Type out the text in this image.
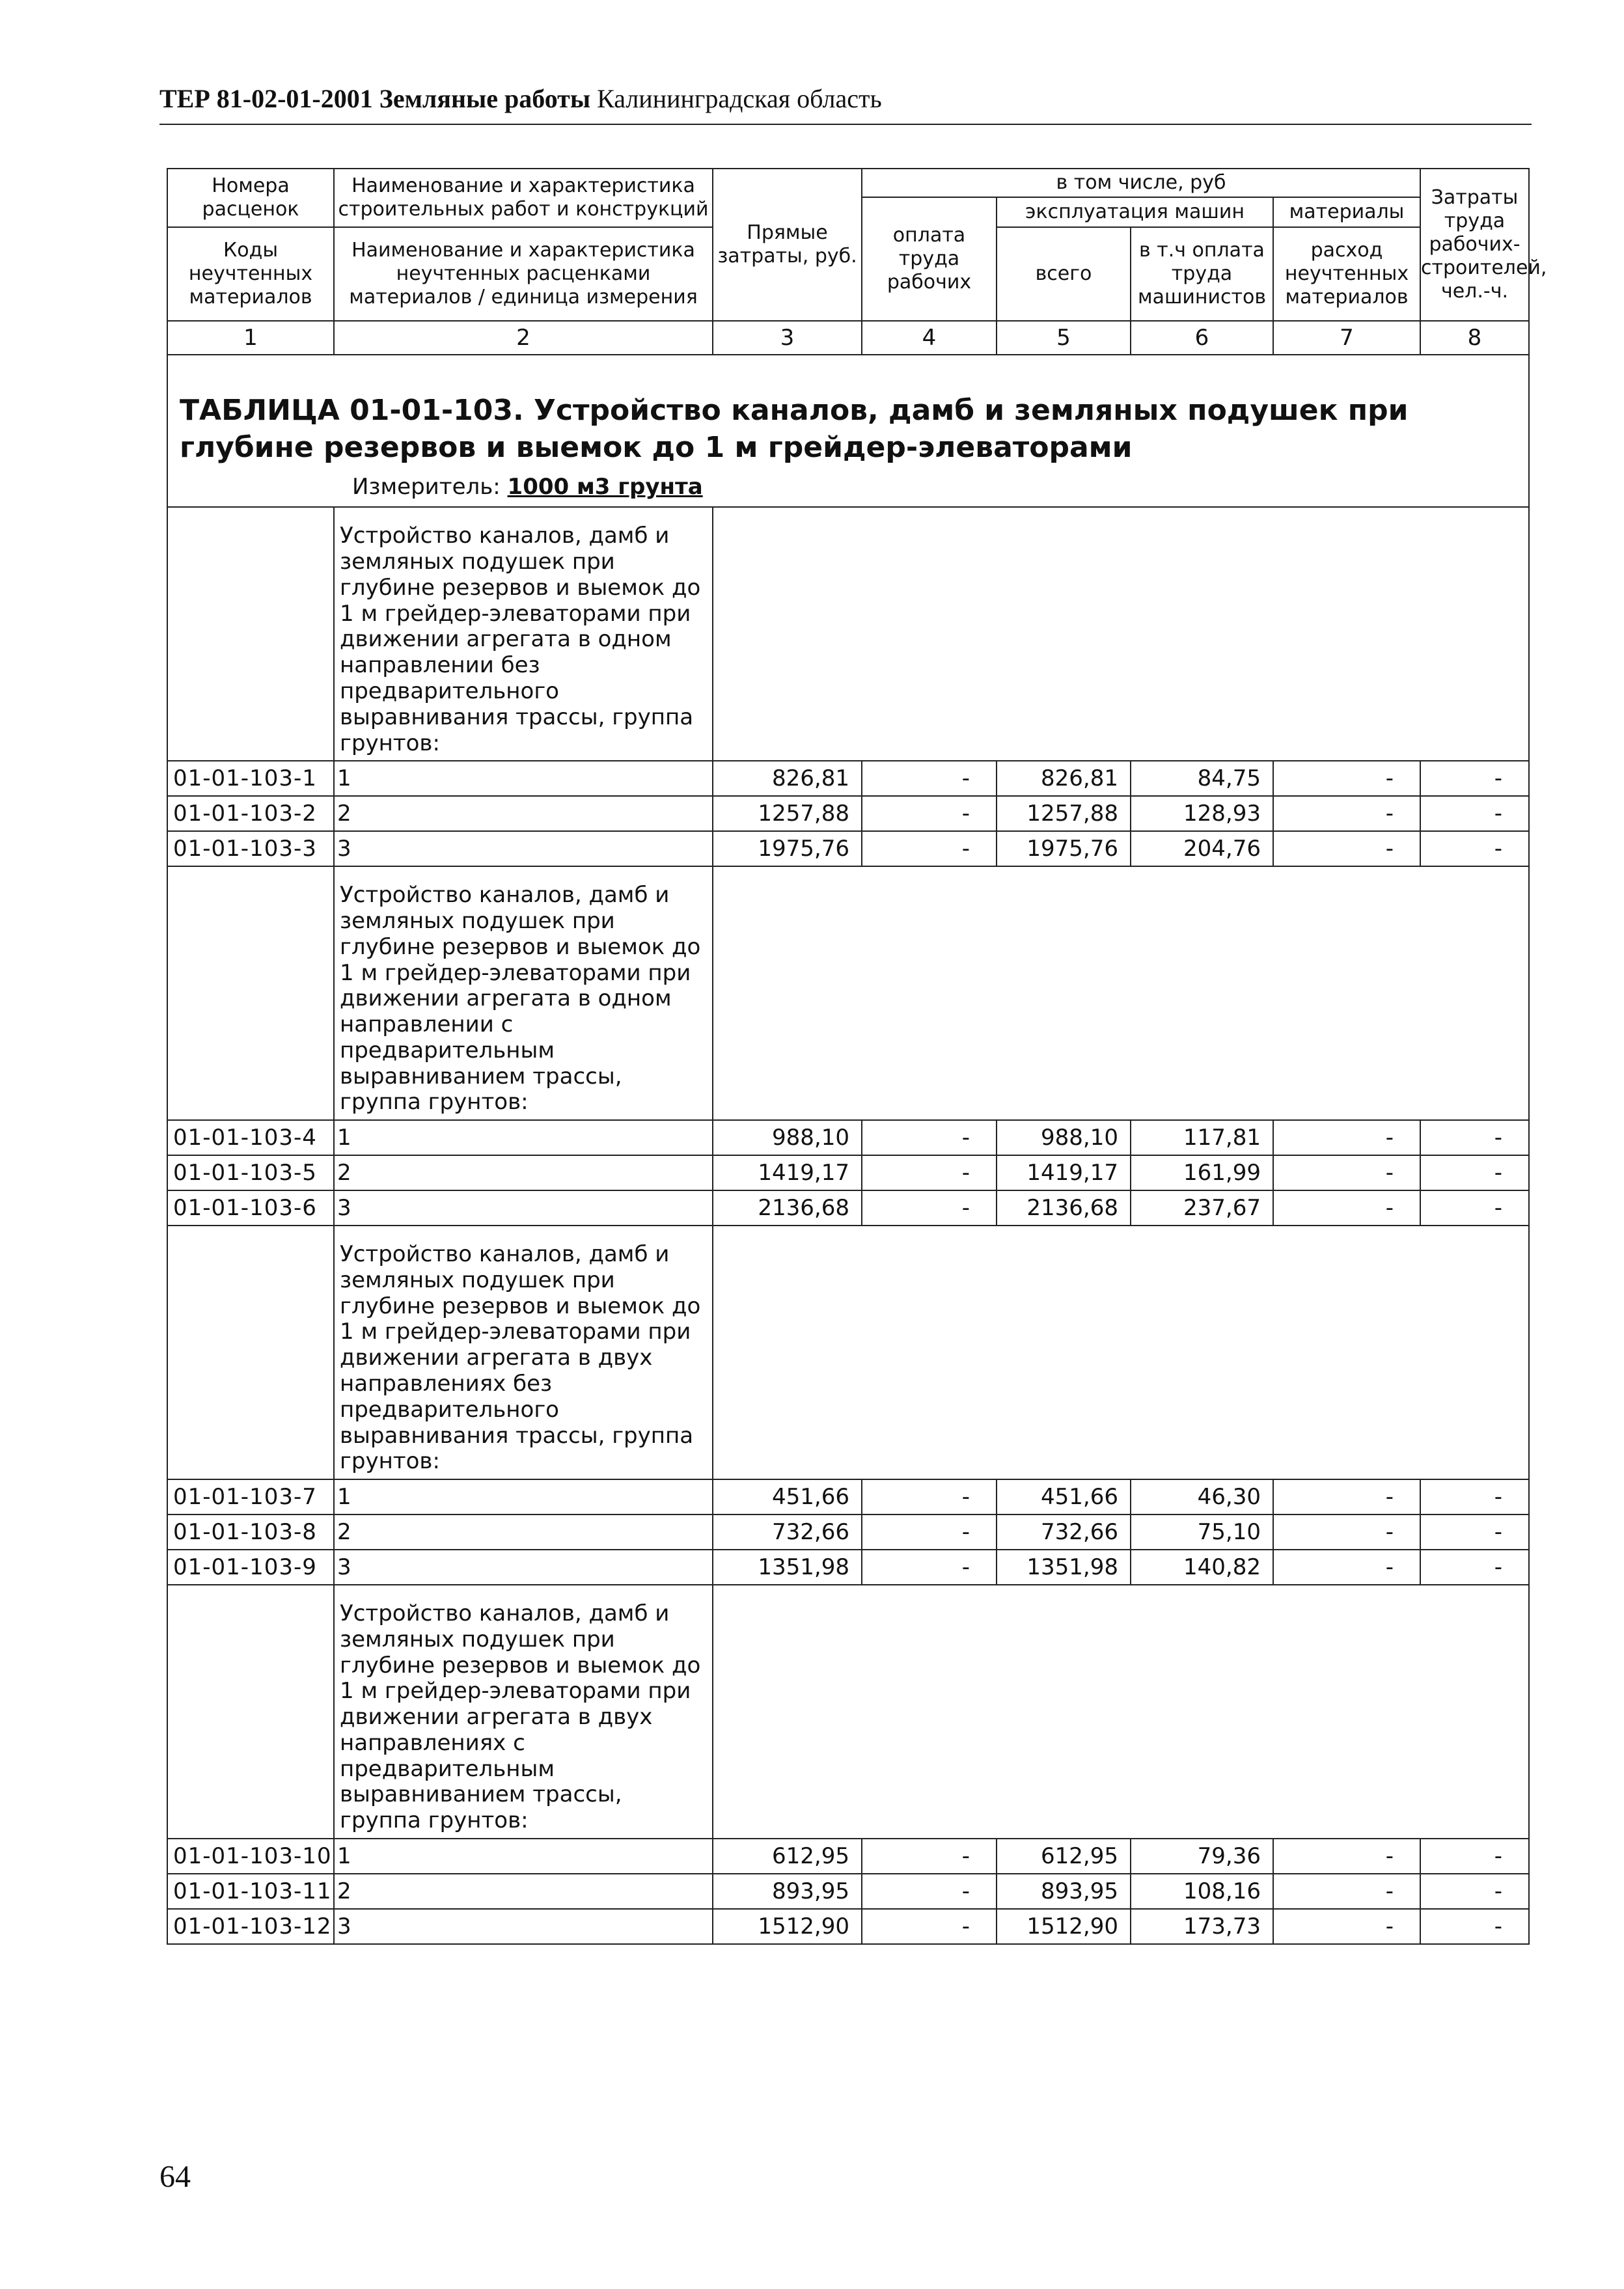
ТЕР 81-02-01-2001 Земляные работы Калининградская область
Номера расценок	Наименование и характеристика строительных работ и конструкций	Прямые затраты, руб.	в том числе, руб				Затраты труда рабочих-строителей, чел.-ч.
			оплата труда рабочих	эксплуатация машин		материалы	
Коды неучтенных материалов	Наименование и характеристика неучтенных расценками материалов / единица измерения			всего	в т.ч оплата труда машинистов	расход неучтенных материалов	

1	2	3	4	5	6	7	8

ТАБЛИЦА 01-01-103. Устройство каналов, дамб и земляных подушек при глубине резервов и выемок до 1 м грейдер-элеваторами
Измеритель: 1000 м3 грунта							

	Устройство каналов, дамб и земляных подушек при глубине резервов и выемок до 1 м грейдер-элеваторами при движении агрегата в одном направлении без предварительного выравнивания трассы, группа грунтов:						
01-01-103-1	1	826,81	-	826,81	84,75	-	-
01-01-103-2	2	1257,88	-	1257,88	128,93	-	-
01-01-103-3	3	1975,76	-	1975,76	204,76	-	-
	Устройство каналов, дамб и земляных подушек при глубине резервов и выемок до 1 м грейдер-элеваторами при движении агрегата в одном направлении с предварительным выравниванием трассы, группа грунтов:						
01-01-103-4	1	988,10	-	988,10	117,81	-	-
01-01-103-5	2	1419,17	-	1419,17	161,99	-	-
01-01-103-6	3	2136,68	-	2136,68	237,67	-	-
	Устройство каналов, дамб и земляных подушек при глубине резервов и выемок до 1 м грейдер-элеваторами при движении агрегата в двух направлениях без предварительного выравнивания трассы, группа грунтов:						
01-01-103-7	1	451,66	-	451,66	46,30	-	-
01-01-103-8	2	732,66	-	732,66	75,10	-	-
01-01-103-9	3	1351,98	-	1351,98	140,82	-	-
	Устройство каналов, дамб и земляных подушек при глубине резервов и выемок до 1 м грейдер-элеваторами при движении агрегата в двух направлениях с предварительным выравниванием трассы, группа грунтов:						
01-01-103-10	1	612,95	-	612,95	79,36	-	-
01-01-103-11	2	893,95	-	893,95	108,16	-	-
01-01-103-12	3	1512,90	-	1512,90	173,73	-	-
64
